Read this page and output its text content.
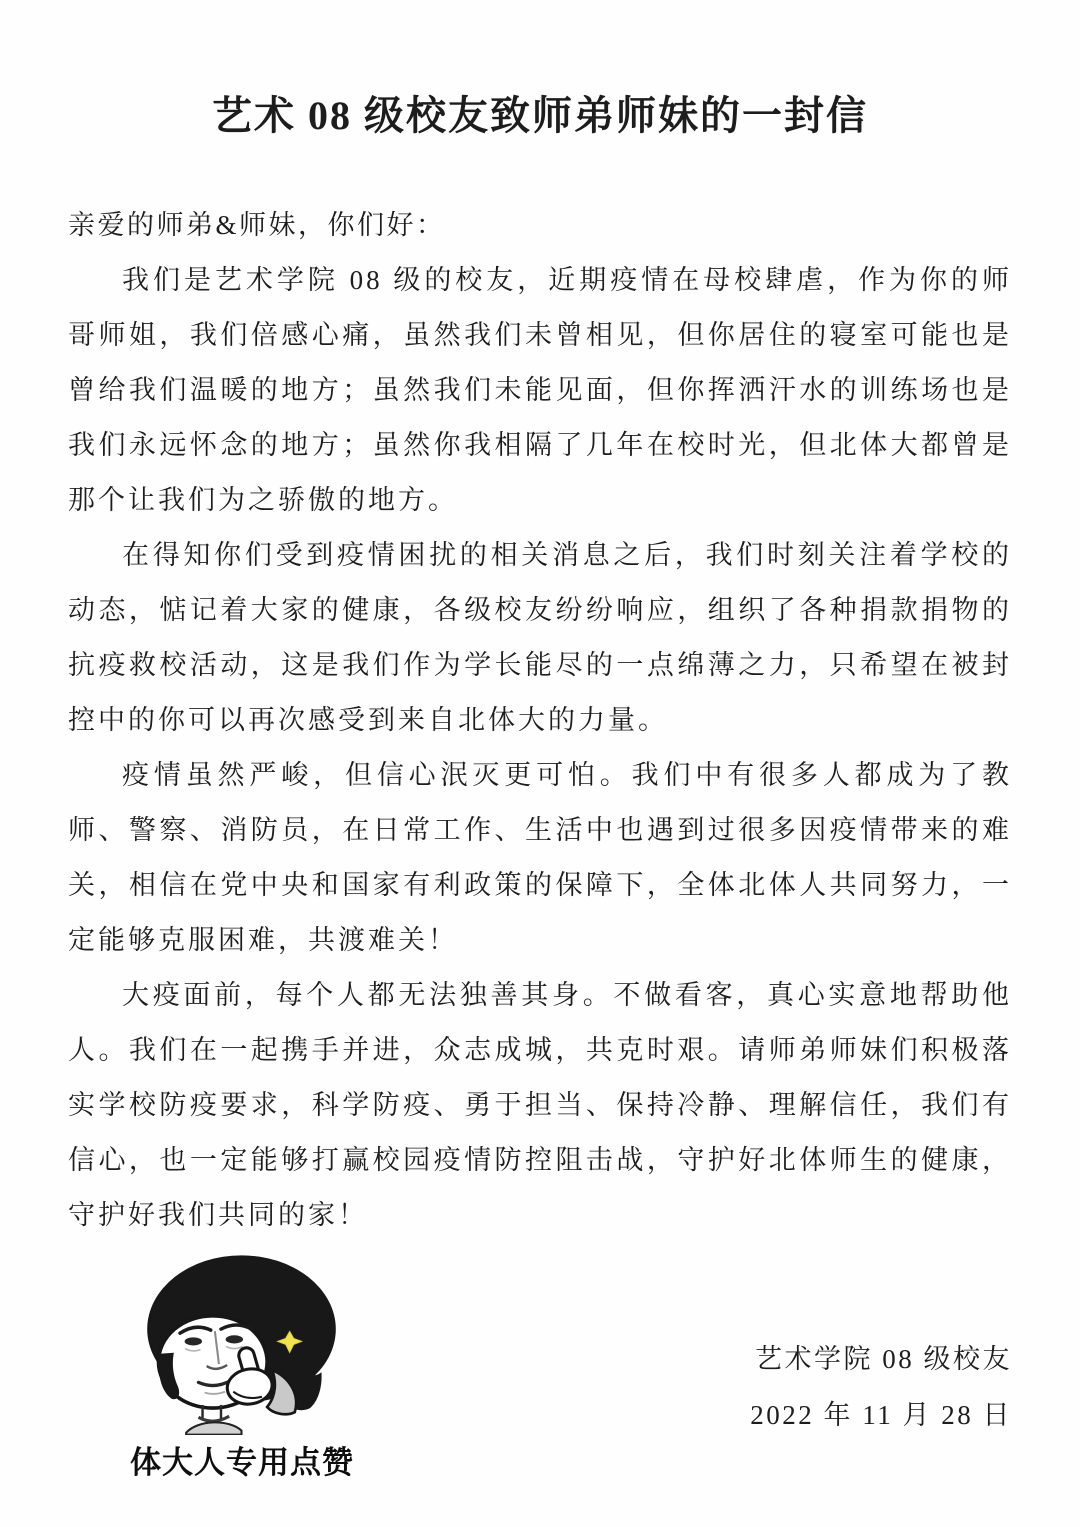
艺术 08 级校友致师弟师妹的一封信

亲爱的师弟&师妹，你们好：

我们是艺术学院 08 级的校友，近期疫情在母校肆虐，作为你的师哥师姐，我们倍感心痛，虽然我们未曾相见，但你居住的寝室可能也是曾给我们温暖的地方；虽然我们未能见面，但你挥洒汗水的训练场也是我们永远怀念的地方；虽然你我相隔了几年在校时光，但北体大都曾是那个让我们为之骄傲的地方。

在得知你们受到疫情困扰的相关消息之后，我们时刻关注着学校的动态，惦记着大家的健康，各级校友纷纷响应，组织了各种捐款捐物的抗疫救校活动，这是我们作为学长能尽的一点绵薄之力，只希望在被封控中的你可以再次感受到来自北体大的力量。

疫情虽然严峻，但信心泯灭更可怕。我们中有很多人都成为了教师、警察、消防员，在日常工作、生活中也遇到过很多因疫情带来的难关，相信在党中央和国家有利政策的保障下，全体北体人共同努力，一定能够克服困难，共渡难关！

大疫面前，每个人都无法独善其身。不做看客，真心实意地帮助他人。我们在一起携手并进，众志成城，共克时艰。请师弟师妹们积极落实学校防疫要求，科学防疫、勇于担当、保持冷静、理解信任，我们有信心，也一定能够打赢校园疫情防控阻击战，守护好北体师生的健康，守护好我们共同的家！

体大人专用点赞
艺术学院 08 级校友
2022 年 11 月 28 日
